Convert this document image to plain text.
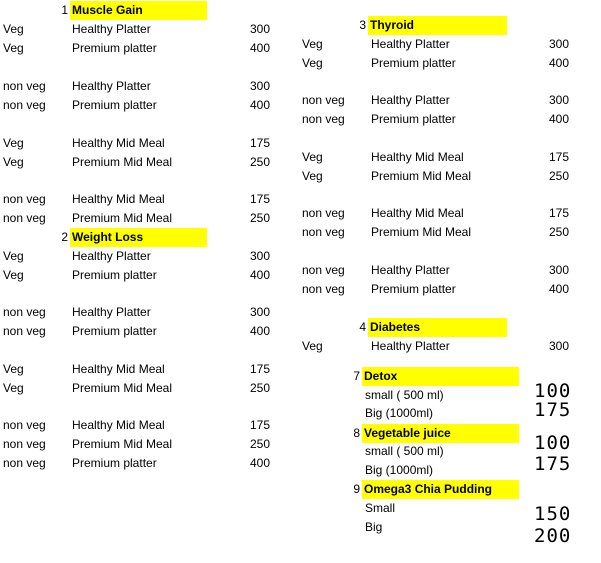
1 Muscle Gain
Veg	Healthy Platter	300
Veg	Premium platter	400
non veg Healthy Platter	300
non veg Premium platter	400
Veg	Healthy Mid Meal	175
Veg	Premium Mid Meal	250
non veg Healthy Mid Meal	175
non veg Premium Mid Meal	250
2 Weight Loss
Veg	Healthy Platter	300
Veg	Premium platter	400
non veg Healthy Platter	300
non veg Premium platter	400
Veg	Healthy Mid Meal	175
Veg	Premium Mid Meal	250
non veg Healthy Mid Meal	175
non veg Premium Mid Meal	250
non veg Premium platter	400
3 Thyroid
Veg	Healthy Platter	300
Veg	Premium platter	400
non veg Healthy Platter	300
non veg Premium platter	400
Veg	Healthy Mid Meal	175
Veg	Premium Mid Meal	250
non veg Healthy Mid Meal	175
non veg Premium Mid Meal	250
non veg Healthy Platter	300
non veg Premium platter	400
4 Diabetes
Veg	Healthy Platter	300
7 Detox
small ( 500 ml)	100
Big (1000ml)	175
8 Vegetable juice
small ( 500 ml)	100
Big (1000ml)	175
9 Omega3 Chia Pudding
Small	150
Big	200
